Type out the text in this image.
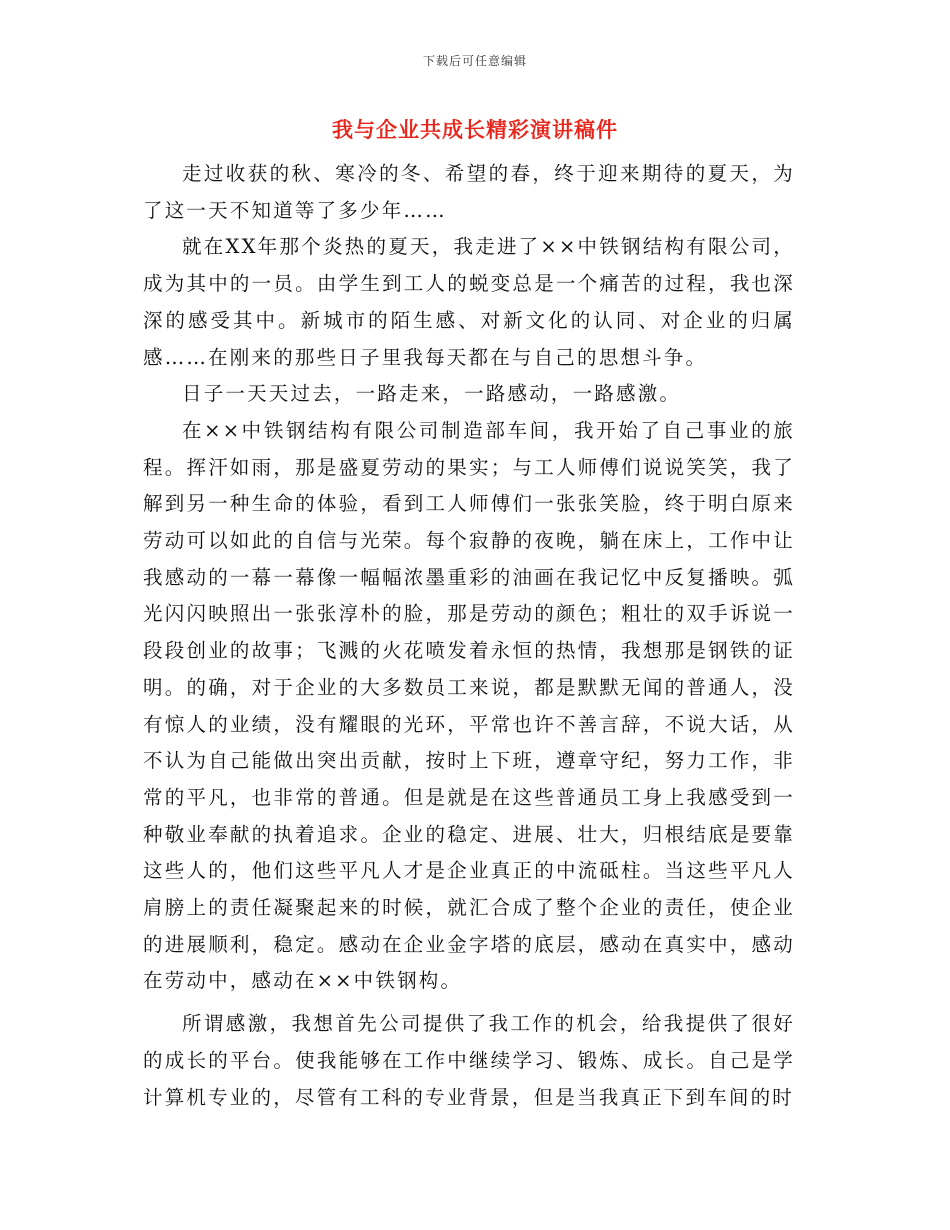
下载后可任意编辑
我与企业共成长精彩演讲稿件

走过收获的秋、寒冷的冬、希望的春，终于迎来期待的夏天，为了这一天不知道等了多少年……

就在XX年那个炎热的夏天，我走进了××中铁钢结构有限公司，成为其中的一员。由学生到工人的蜕变总是一个痛苦的过程，我也深深的感受其中。新城市的陌生感、对新文化的认同、对企业的归属感……在刚来的那些日子里我每天都在与自己的思想斗争。

日子一天天过去，一路走来，一路感动，一路感激。

在××中铁钢结构有限公司制造部车间，我开始了自己事业的旅程。挥汗如雨，那是盛夏劳动的果实；与工人师傅们说说笑笑，我了解到另一种生命的体验，看到工人师傅们一张张笑脸，终于明白原来劳动可以如此的自信与光荣。每个寂静的夜晚，躺在床上，工作中让我感动的一幕一幕像一幅幅浓墨重彩的油画在我记忆中反复播映。弧光闪闪映照出一张张淳朴的脸，那是劳动的颜色；粗壮的双手诉说一段段创业的故事；飞溅的火花喷发着永恒的热情，我想那是钢铁的证明。的确，对于企业的大多数员工来说，都是默默无闻的普通人，没有惊人的业绩，没有耀眼的光环，平常也许不善言辞，不说大话，从不认为自己能做出突出贡献，按时上下班，遵章守纪，努力工作，非常的平凡，也非常的普通。但是就是在这些普通员工身上我感受到一种敬业奉献的执着追求。企业的稳定、进展、壮大，归根结底是要靠这些人的，他们这些平凡人才是企业真正的中流砥柱。当这些平凡人肩膀上的责任凝聚起来的时候，就汇合成了整个企业的责任，使企业的进展顺利，稳定。感动在企业金字塔的底层，感动在真实中，感动在劳动中，感动在××中铁钢构。

所谓感激，我想首先公司提供了我工作的机会，给我提供了很好的成长的平台。使我能够在工作中继续学习、锻炼、成长。自己是学计算机专业的，尽管有工科的专业背景，但是当我真正下到车间的时
